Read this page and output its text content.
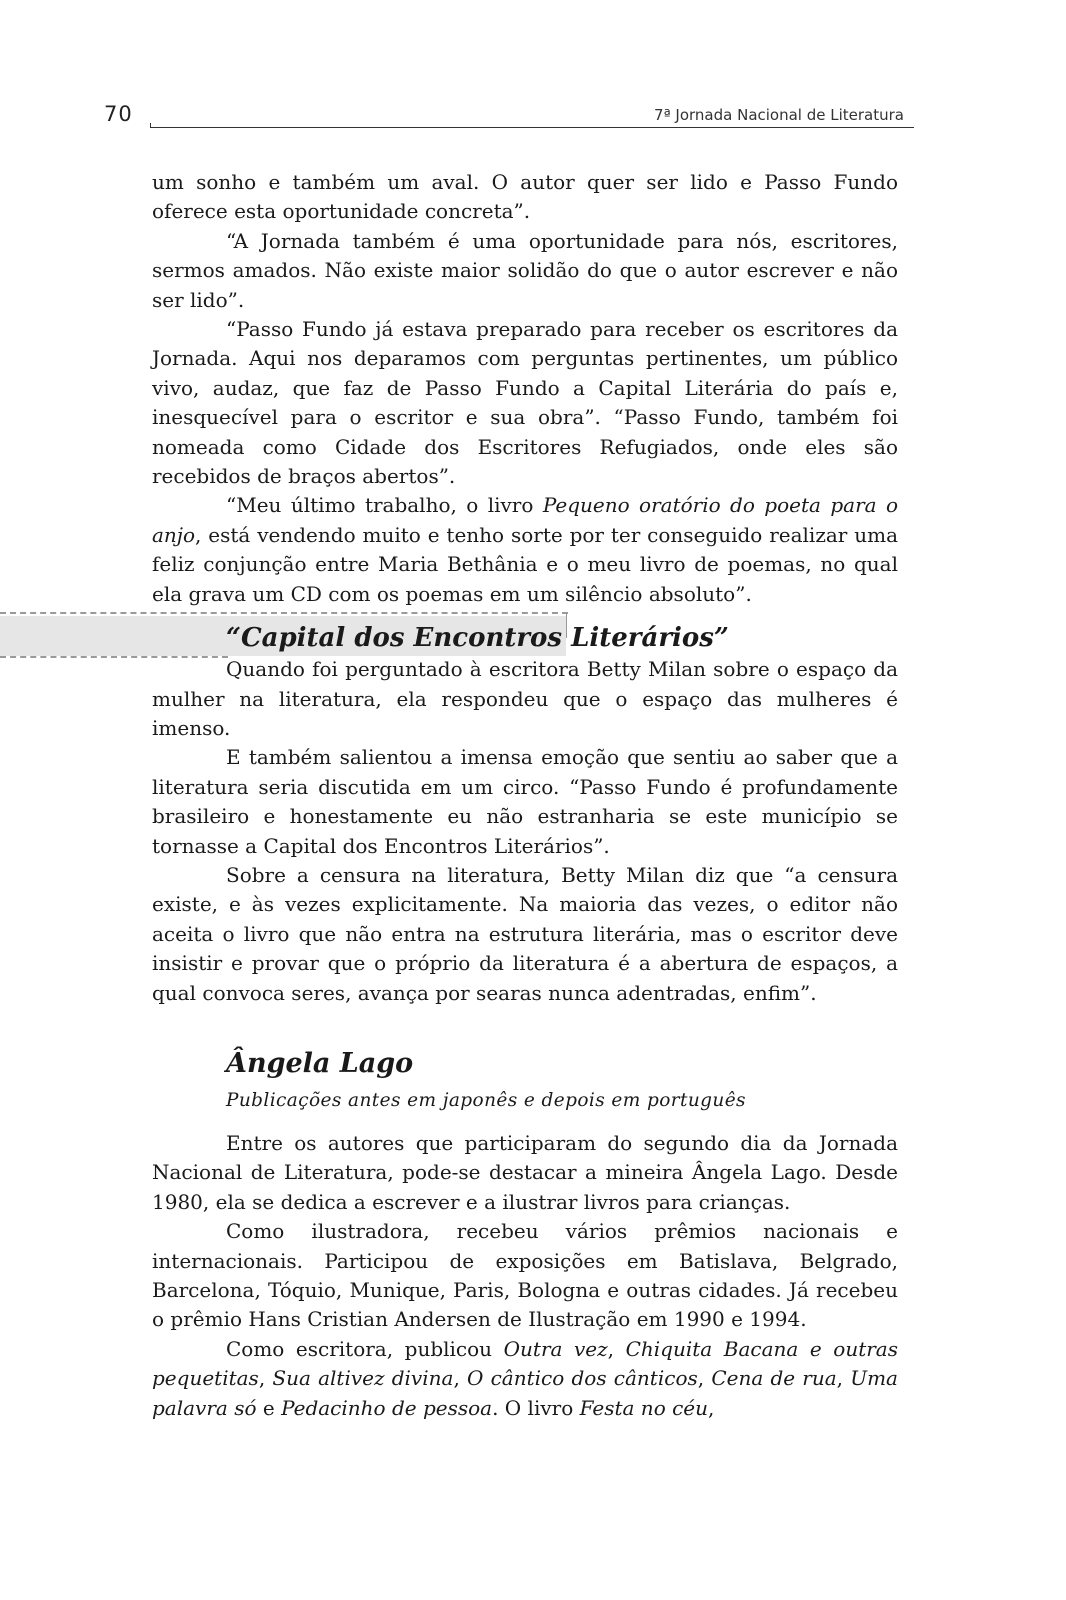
70	7ª Jornada Nacional de Literatura

um sonho e também um aval. O autor quer ser lido e Passo Fundo oferece esta oportunidade concreta”.

“A Jornada também é uma oportunidade para nós, escritores, sermos amados. Não existe maior solidão do que o autor escrever e não ser lido”.

“Passo Fundo já estava preparado para receber os escritores da Jornada. Aqui nos deparamos com perguntas pertinentes, um público vivo, audaz, que faz de Passo Fundo a Capital Literária do país e, inesquecível para o escritor e sua obra”. “Passo Fundo, também foi nomeada como Cidade dos Escritores Refugiados, onde eles são recebidos de braços abertos”.

“Meu último trabalho, o livro Pequeno oratório do poeta para o anjo, está vendendo muito e tenho sorte por ter conseguido realizar uma feliz conjunção entre Maria Bethânia e o meu livro de poemas, no qual ela grava um CD com os poemas em um silêncio absoluto”.

“Capital dos Encontros Literários”

Quando foi perguntado à escritora Betty Milan sobre o espaço da mulher na literatura, ela respondeu que o espaço das mulheres é imenso.

E também salientou a imensa emoção que sentiu ao saber que a literatura seria discutida em um circo. “Passo Fundo é profundamente brasileiro e honestamente eu não estranharia se este município se tornasse a Capital dos Encontros Literários”.

Sobre a censura na literatura, Betty Milan diz que “a censura existe, e às vezes explicitamente. Na maioria das vezes, o editor não aceita o livro que não entra na estrutura literária, mas o escritor deve insistir e provar que o próprio da literatura é a abertura de espaços, a qual convoca seres, avança por searas nunca adentradas, enfim”.

Ângela Lago
Publicações antes em japonês e depois em português

Entre os autores que participaram do segundo dia da Jornada Nacional de Literatura, pode-se destacar a mineira Ângela Lago. Desde 1980, ela se dedica a escrever e a ilustrar livros para crianças.

Como ilustradora, recebeu vários prêmios nacionais e internacionais. Participou de exposições em Batislava, Belgrado, Barcelona, Tóquio, Munique, Paris, Bologna e outras cidades. Já recebeu o prêmio Hans Cristian Andersen de Ilustração em 1990 e 1994.

Como escritora, publicou Outra vez, Chiquita Bacana e outras pequetitas, Sua altivez divina, O cântico dos cânticos, Cena de rua, Uma palavra só e Pedacinho de pessoa. O livro Festa no céu,
